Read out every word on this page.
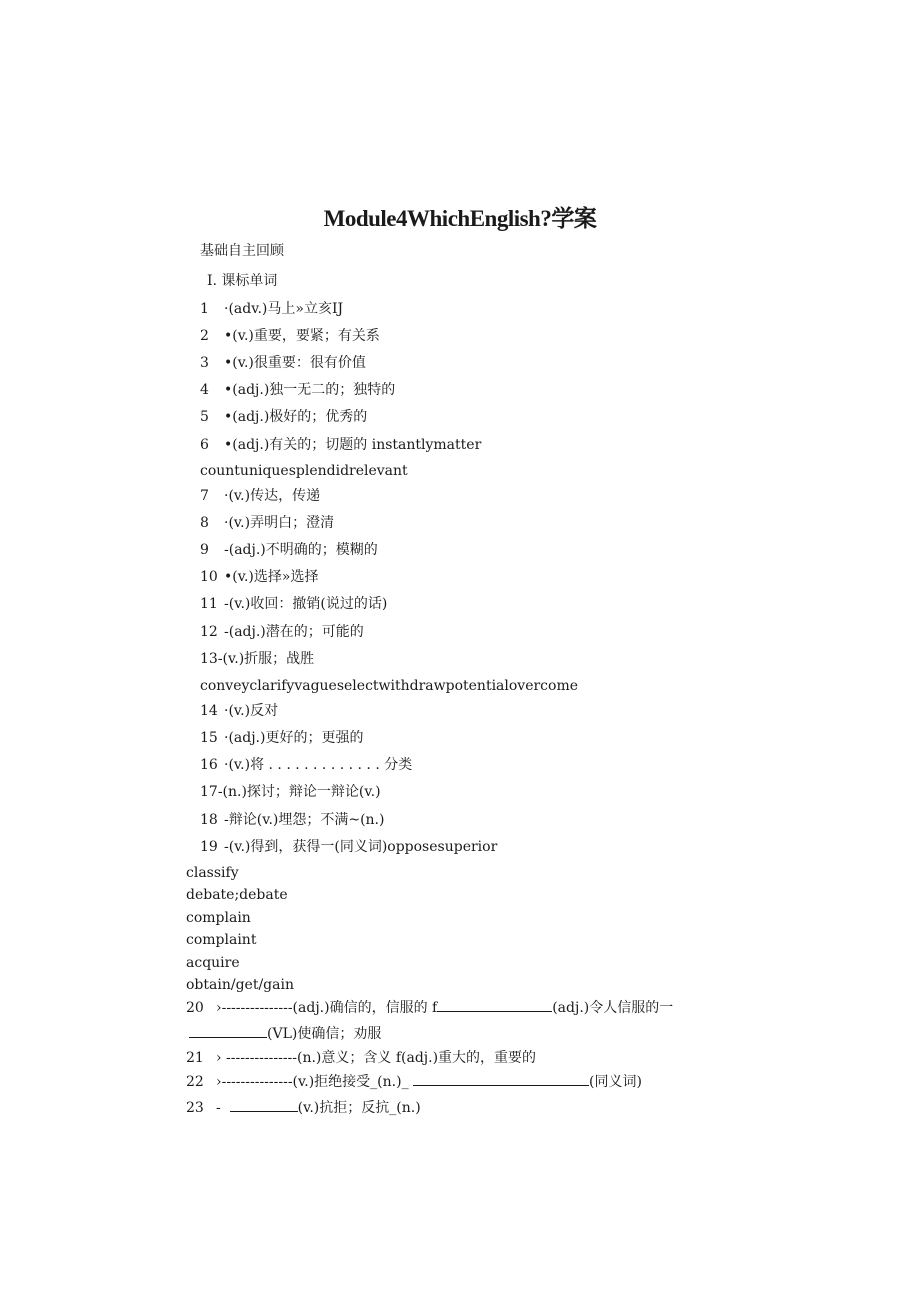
Module4WhichEnglish?学案
基础自主回顾
I. 课标单词
1 ·(adv.)马上»立亥IJ
2 •(v.)重要，要紧；有关系
3 •(v.)很重要：很有价值
4 •(adj.)独一无二的；独特的
5 •(adj.)极好的；优秀的
6 •(adj.)有关的；切题的 instantlymatter
countuniquesplendidrelevant
7 ·(v.)传达，传递
8 ·(v.)弄明白；澄清
9 -(adj.)不明确的；模糊的
10 •(v.)选择»选择
11 -(v.)收回：撤销(说过的话)
12 -(adj.)潜在的；可能的
13-(v.)折服；战胜
conveyclarifyvagueselectwithdrawpotentialovercome
14 ·(v.)反对
15 ·(adj.)更好的；更强的
16 ·(v.)将 . . . . . . . . . . . . . 分类
17-(n.)探讨；辩论一辩论(v.)
18 -辩论(v.)埋怨；不满~(n.)
19 -(v.)得到，获得一(同义词)opposesuperior
classify
debate;debate
complain
complaint
acquire
obtain/get/gain
20 ›---------------(adj.)确信的，信服的 f	(adj.)令人信服的一
(VL)使确信；劝服
21 › ---------------(n.)意义；含义 f(adj.)重大的，重要的
22 ›---------------(v.)拒绝接受_(n.)_	(同义词)
23 -	(v.)抗拒；反抗_(n.)
